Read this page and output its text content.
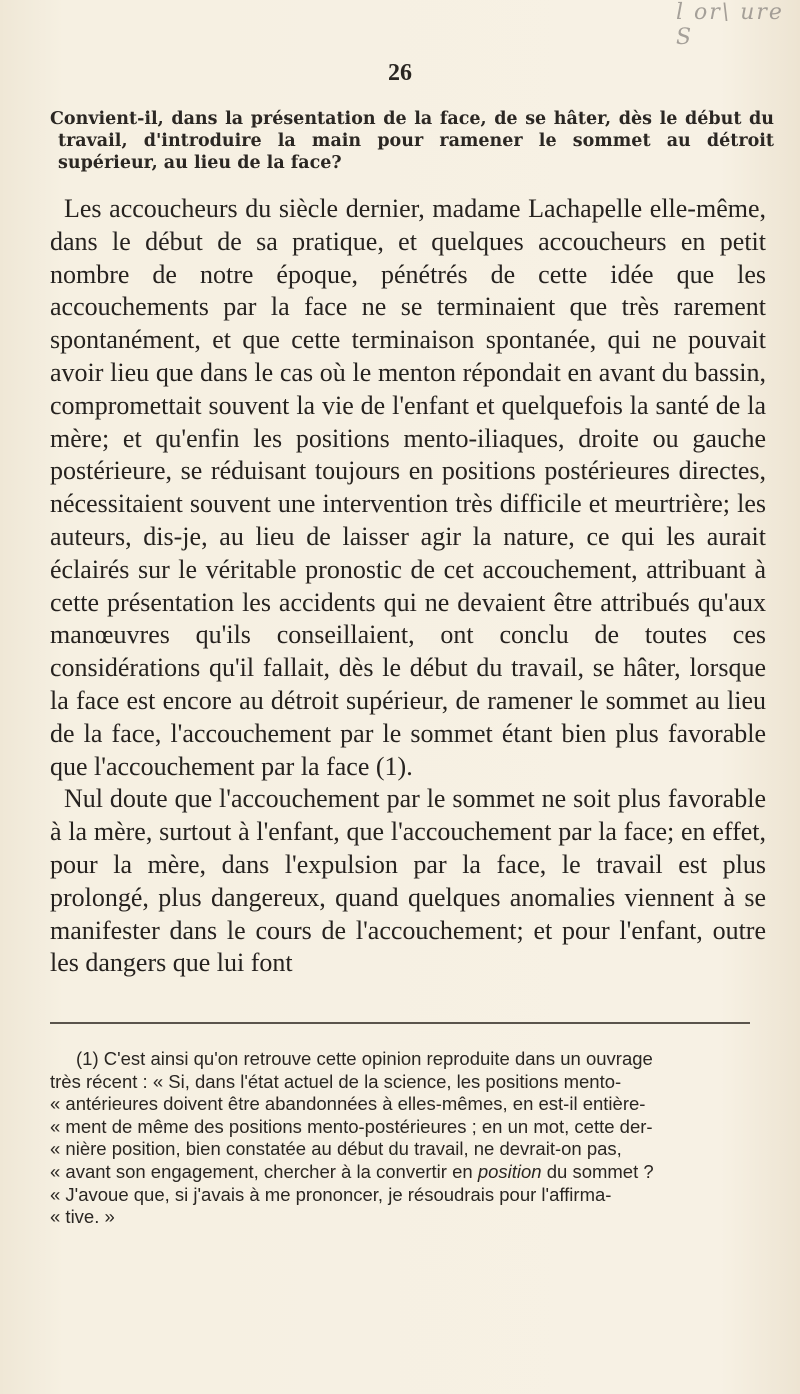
l or\ ure S
26
Convient-il, dans la présentation de la face, de se hâter, dès le début du travail, d'introduire la main pour ramener le sommet au détroit supérieur, au lieu de la face?

Les accoucheurs du siècle dernier, madame Lachapelle elle-même, dans le début de sa pratique, et quelques accoucheurs en petit nombre de notre époque, pénétrés de cette idée que les accouchements par la face ne se terminaient que très rarement spontanément, et que cette terminaison spontanée, qui ne pouvait avoir lieu que dans le cas où le menton répondait en avant du bassin, compromettait souvent la vie de l'enfant et quelquefois la santé de la mère; et qu'enfin les positions mento-iliaques, droite ou gauche postérieure, se réduisant toujours en positions postérieures directes, nécessitaient souvent une intervention très difficile et meurtrière; les auteurs, dis-je, au lieu de laisser agir la nature, ce qui les aurait éclairés sur le véritable pronostic de cet accouchement, attribuant à cette présentation les accidents qui ne devaient être attribués qu'aux manœuvres qu'ils conseillaient, ont conclu de toutes ces considérations qu'il fallait, dès le début du travail, se hâter, lorsque la face est encore au détroit supérieur, de ramener le sommet au lieu de la face, l'accouchement par le sommet étant bien plus favorable que l'accouchement par la face (1).

Nul doute que l'accouchement par le sommet ne soit plus favorable à la mère, surtout à l'enfant, que l'accouchement par la face; en effet, pour la mère, dans l'expulsion par la face, le travail est plus prolongé, plus dangereux, quand quelques anomalies viennent à se manifester dans le cours de l'accouchement; et pour l'enfant, outre les dangers que lui font

(1) C'est ainsi qu'on retrouve cette opinion reproduite dans un ouvrage
très récent : « Si, dans l'état actuel de la science, les positions mento-
« antérieures doivent être abandonnées à elles-mêmes, en est-il entière-
« ment de même des positions mento-postérieures ; en un mot, cette der-
« nière position, bien constatée au début du travail, ne devrait-on pas,
« avant son engagement, chercher à la convertir en position du sommet ?
« J'avoue que, si j'avais à me prononcer, je résoudrais pour l'affirma-
« tive. »
